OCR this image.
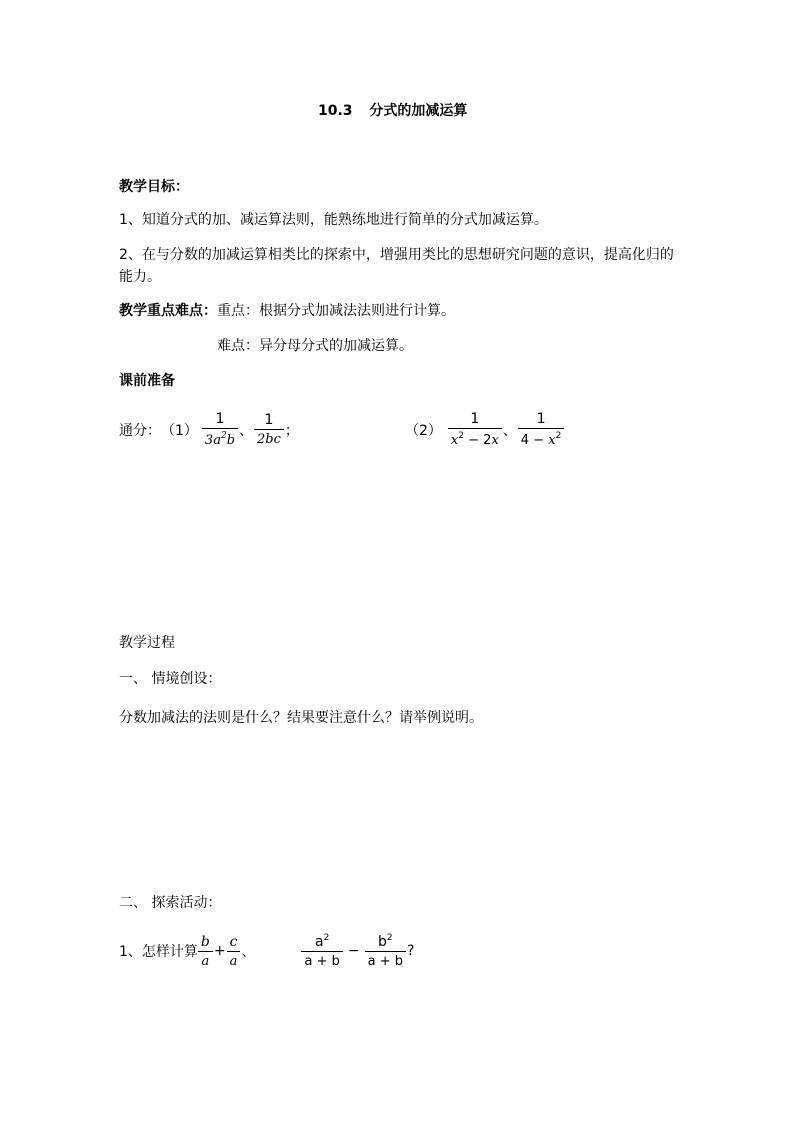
10.3 分式的加减运算
教学目标：
1、知道分式的加、减运算法则，能熟练地进行简单的分式加减运算。
2、在与分数的加减运算相类比的探索中，增强用类比的思想研究问题的意识，提高化归的
能力。
教学重点难点：重点：根据分式加减法法则进行计算。
难点：异分母分式的加减运算。
课前准备
通分： $(1) \frac{1}{3a^2b}$ 、 $\frac{1}{2bc}$ ；	$(2) \frac{1}{x^2 - 2x}$ 、 $\frac{1}{4 - x^2}$
教学过程
一、 情境创设：
分数加减法的法则是什么？结果要注意什么？请举例说明。
二、 探索活动：
1、怎样计算 $\frac{b}{a} + \frac{c}{a}$ 、	$\frac{a^2}{a + b} - \frac{b^2}{a + b}$ ?
